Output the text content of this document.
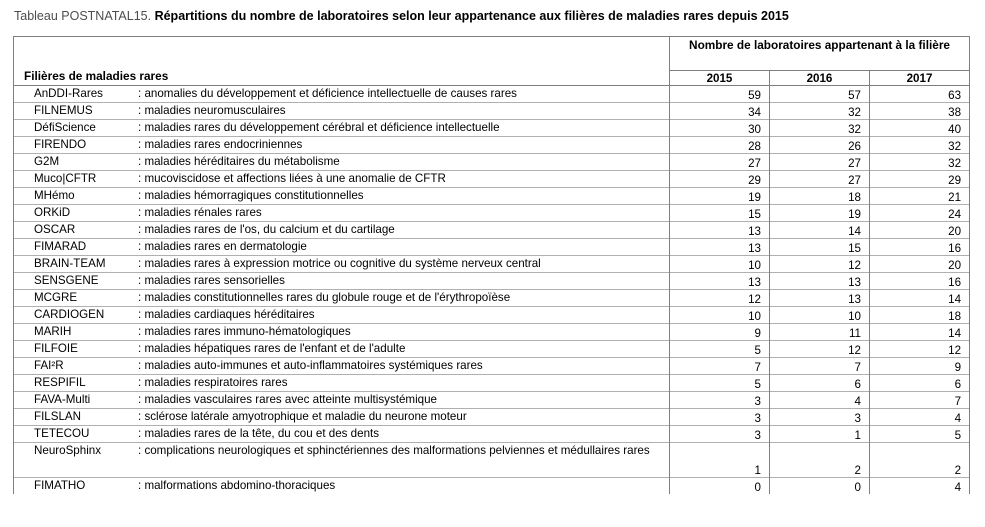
Tableau POSTNATAL15. Répartitions du nombre de laboratoires selon leur appartenance aux filières de maladies rares depuis 2015
Filières de maladies rares	Nombre de laboratoires appartenant à la filière		
	2015	2016	2017

AnDDI-Rares : anomalies du développement et déficience intellectuelle de causes rares	59	57	63

FILNEMUS : maladies neuromusculaires	34	32	38

DéfiScience : maladies rares du développement cérébral et déficience intellectuelle	30	32	40

FIRENDO : maladies rares endocriniennes	28	26	32

G2M : maladies héréditaires du métabolisme	27	27	32

Muco|CFTR : mucoviscidose et affections liées à une anomalie de CFTR	29	27	29

MHémo : maladies hémorragiques constitutionnelles	19	18	21

ORKiD : maladies rénales rares	15	19	24

OSCAR : maladies rares de l'os, du calcium et du cartilage	13	14	20

FIMARAD : maladies rares en dermatologie	13	15	16

BRAIN-TEAM : maladies rares à expression motrice ou cognitive du système nerveux central	10	12	20

SENSGENE : maladies rares sensorielles	13	13	16

MCGRE : maladies constitutionnelles rares du globule rouge et de l'érythropoïèse	12	13	14

CARDIOGEN : maladies cardiaques héréditaires	10	10	18

MARIH : maladies rares immuno-hématologiques	9	11	14

FILFOIE : maladies hépatiques rares de l'enfant et de l'adulte	5	12	12

FAI²R : maladies auto-immunes et auto-inflammatoires systémiques rares	7	7	9

RESPIFIL : maladies respiratoires rares	5	6	6

FAVA-Multi : maladies vasculaires rares avec atteinte multisystémique	3	4	7

FILSLAN : sclérose latérale amyotrophique et maladie du neurone moteur	3	3	4

TETECOU : maladies rares de la tête, du cou et des dents	3	1	5

NeuroSphinx : complications neurologiques et sphinctériennes des malformations pelviennes et médullaires rares	1	2	2

FIMATHO : malformations abdomino-thoraciques	0	0	4
